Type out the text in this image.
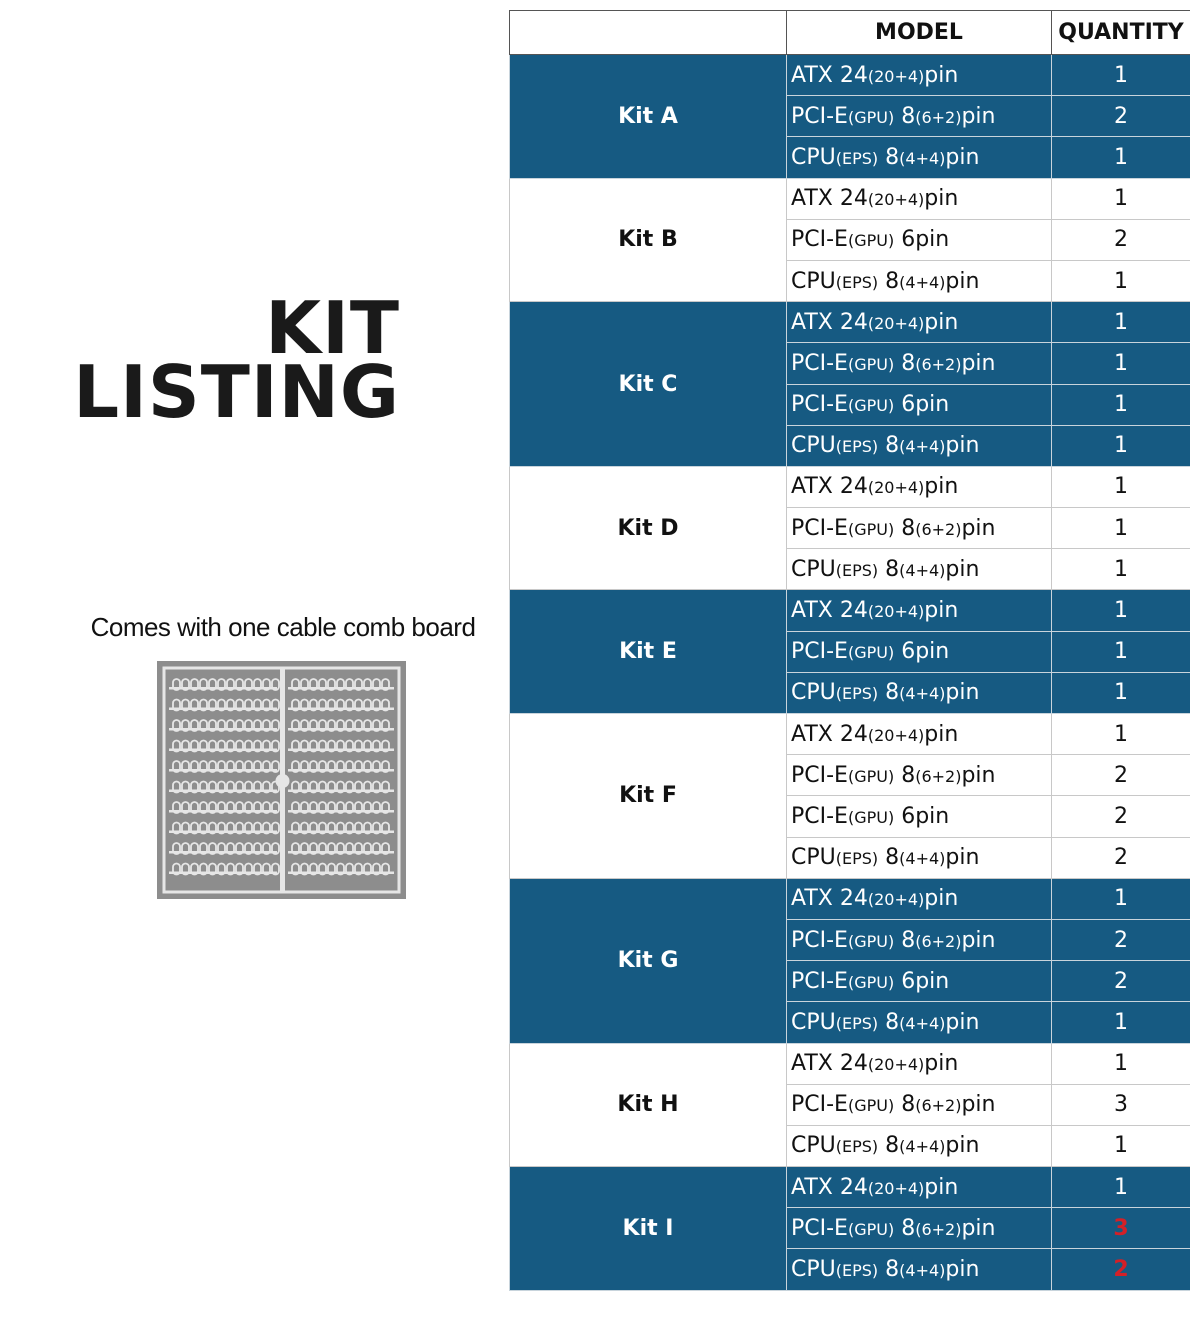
KIT
LISTING
Comes with one cable comb board
	MODEL	QUANTITY
Kit A	ATX 24(20+4)pin	1
	PCI-E(GPU) 8(6+2)pin	2
	CPU(EPS) 8(4+4)pin	1
Kit B	ATX 24(20+4)pin	1
	PCI-E(GPU) 6pin	2
	CPU(EPS) 8(4+4)pin	1
Kit C	ATX 24(20+4)pin	1
	PCI-E(GPU) 8(6+2)pin	1
	PCI-E(GPU) 6pin	1
	CPU(EPS) 8(4+4)pin	1
Kit D	ATX 24(20+4)pin	1
	PCI-E(GPU) 8(6+2)pin	1
	CPU(EPS) 8(4+4)pin	1
Kit E	ATX 24(20+4)pin	1
	PCI-E(GPU) 6pin	1
	CPU(EPS) 8(4+4)pin	1
Kit F	ATX 24(20+4)pin	1
	PCI-E(GPU) 8(6+2)pin	2
	PCI-E(GPU) 6pin	2
	CPU(EPS) 8(4+4)pin	2
Kit G	ATX 24(20+4)pin	1
	PCI-E(GPU) 8(6+2)pin	2
	PCI-E(GPU) 6pin	2
	CPU(EPS) 8(4+4)pin	1
Kit H	ATX 24(20+4)pin	1
	PCI-E(GPU) 8(6+2)pin	3
	CPU(EPS) 8(4+4)pin	1
Kit I	ATX 24(20+4)pin	1
	PCI-E(GPU) 8(6+2)pin	3
	CPU(EPS) 8(4+4)pin	2
